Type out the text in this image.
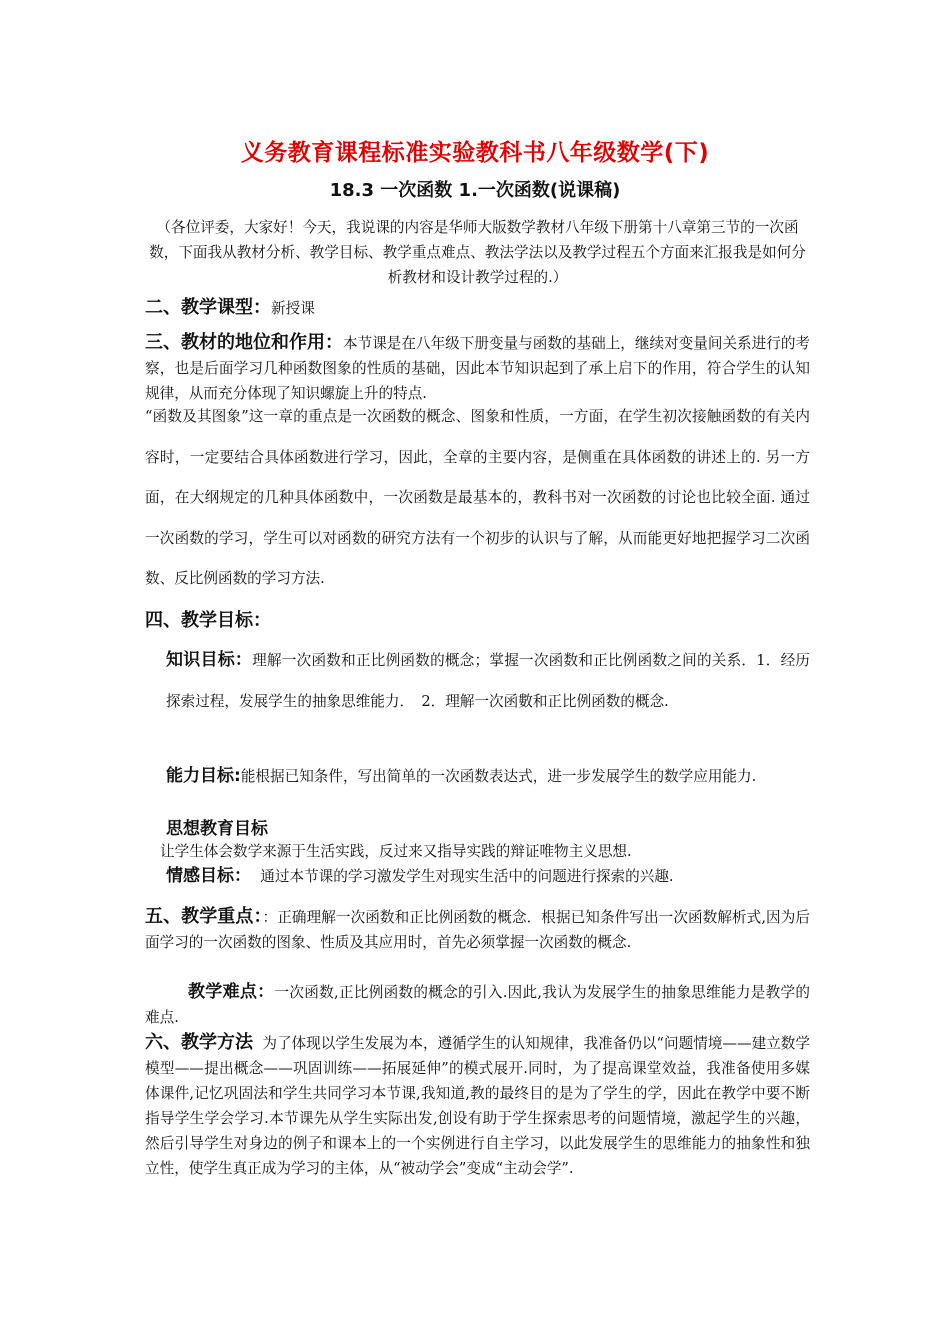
义务教育课程标准实验教科书八年级数学(下)
18.3 一次函数 1.一次函数(说课稿)
（各位评委，大家好！今天，我说课的内容是华师大版数学教材八年级下册第十八章第三节的一次函数，下面我从教材分析、教学目标、教学重点难点、教法学法以及教学过程五个方面来汇报我是如何分析教材和设计教学过程的.）
二、教学课型：新授课
三、教材的地位和作用：本节课是在八年级下册变量与函数的基础上，继续对变量间关系进行的考察，也是后面学习几种函数图象的性质的基础，因此本节知识起到了承上启下的作用，符合学生的认知规律，从而充分体现了知识螺旋上升的特点.
“函数及其图象”这一章的重点是一次函数的概念、图象和性质，一方面，在学生初次接触函数的有关内容时，一定要结合具体函数进行学习，因此，全章的主要内容，是侧重在具体函数的讲述上的. 另一方面，在大纲规定的几种具体函数中，一次函数是最基本的，教科书对一次函数的讨论也比较全面. 通过一次函数的学习，学生可以对函数的研究方法有一个初步的认识与了解，从而能更好地把握学习二次函数、反比例函数的学习方法.
四、教学目标：
知识目标：理解一次函数和正比例函数的概念；掌握一次函数和正比例函数之间的关系．1．经历探索过程，发展学生的抽象思维能力．　2．理解一次函數和正比例函数的概念.
能力目标:能根据已知条件，写出简单的一次函数表达式，进一步发展学生的数学应用能力.
思想教育目标
让学生体会数学来源于生活实践，反过来又指导实践的辩证唯物主义思想.
情感目标： 通过本节课的学习激发学生对现实生活中的问题进行探索的兴趣.
五、教学重点：：正确理解一次函数和正比例函数的概念．根据已知条件写出一次函数解析式,因为后面学习的一次函数的图象、性质及其应用时，首先必须掌握一次函数的概念.
教学难点：一次函数,正比例函数的概念的引入.因此,我认为发展学生的抽象思维能力是教学的难点.
六、教学方法 为了体现以学生发展为本，遵循学生的认知规律，我准备仍以“问题情境——建立数学模型——提出概念——巩固训练——拓展延伸”的模式展开.同时，为了提高课堂效益，我准备使用多媒体课件,记忆巩固法和学生共同学习本节课,我知道,教的最终目的是为了学生的学，因此在教学中要不断指导学生学会学习.本节课先从学生实际出发,创设有助于学生探索思考的问题情境，激起学生的兴趣，然后引导学生对身边的例子和课本上的一个实例进行自主学习，以此发展学生的思维能力的抽象性和独立性，使学生真正成为学习的主体，从“被动学会”变成“主动会学”.
